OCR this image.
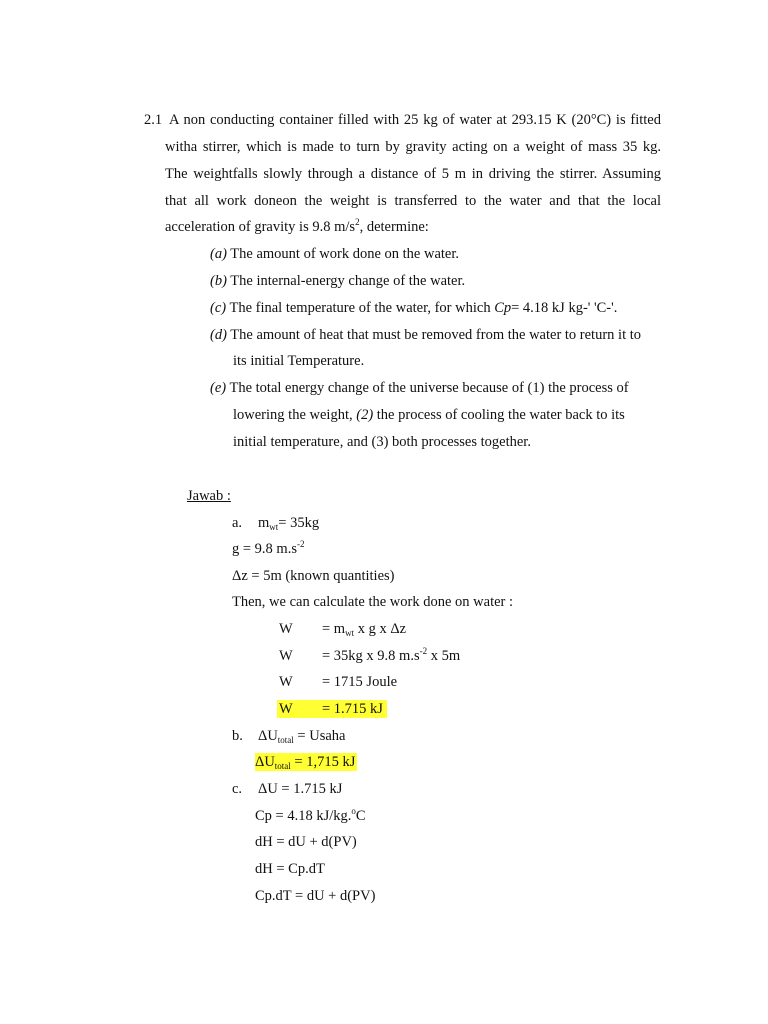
2.1 A non conducting container filled with 25 kg of water at 293.15 K (20°C) is fitted
witha stirrer, which is made to turn by gravity acting on a weight of mass 35 kg.
The weightfalls slowly through a distance of 5 m in driving the stirrer. Assuming
that all work doneon the weight is transferred to the water and that the local
acceleration of gravity is 9.8 $m/s^2$, determine:
(a) The amount of work done on the water.
(b) The internal-energy change of the water.
(c) The final temperature of the water, for which Cp= 4.18 kJ kg-' 'C-'.
(d) The amount of heat that must be removed from the water to return it to
its initial Temperature.
(e) The total energy change of the universe because of (1) the process of
lowering the weight, (2) the process of cooling the water back to its
initial temperature, and (3) both processes together.
Jawab :
a. $m_{wt}= 35kg$
g = 9.8 $m.s^{-2}$
Δz = 5m (known quantities)
Then, we can calculate the work done on water :
$W = m_{wt}$ x g x Δz
W = 35kg x 9.8 $m.s^{-2}$ x 5m
W = 1715 Joule
W = 1.715 kJ
b. $\Delta U_{total}$ = Usaha
$\Delta U_{total} = 1,715$ kJ
c. ΔU = 1.715 kJ
Cp = 4.18 kJ/kg.$^o$C
dH = dU + d(PV)
dH = Cp.dT
Cp.dT = dU + d(PV)
